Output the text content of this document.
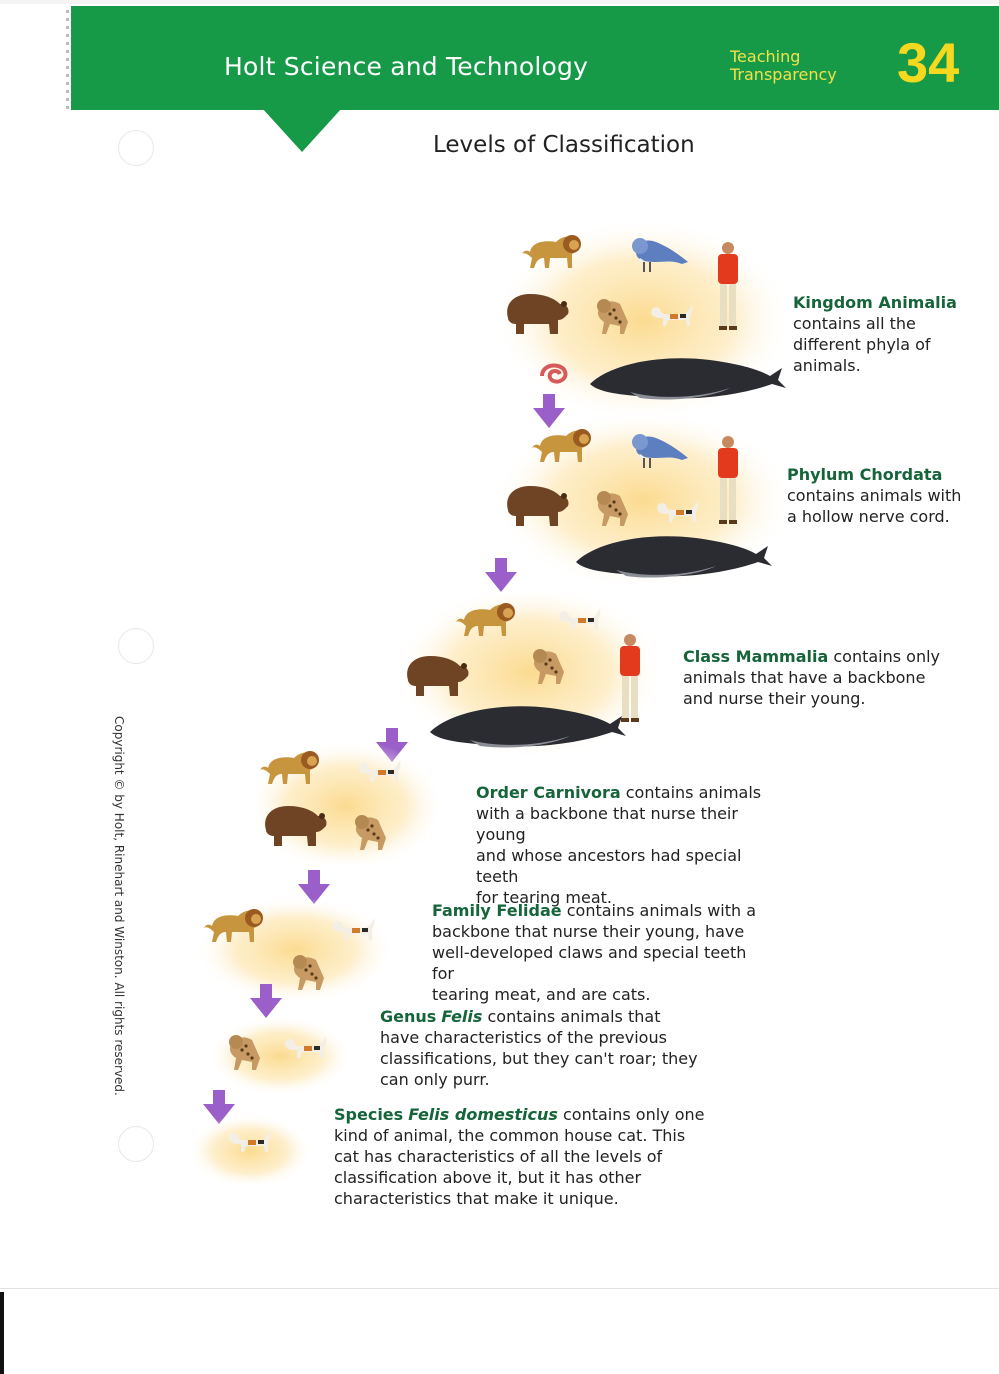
Holt Science and Technology	Teaching
Transparency 34
Levels of Classification
Copyright © by Holt, Rinehart and Winston. All rights reserved.
Kingdom Animalia
contains all the
different phyla of
animals.
Phylum Chordata
contains animals with
a hollow nerve cord.
Class Mammalia contains only
animals that have a backbone
and nurse their young.
Order Carnivora contains animals
with a backbone that nurse their young
and whose ancestors had special teeth
for tearing meat.
Family Felidae contains animals with a
backbone that nurse their young, have
well-developed claws and special teeth for
tearing meat, and are cats.
Genus Felis contains animals that
have characteristics of the previous
classifications, but they can't roar; they
can only purr.
Species Felis domesticus contains only one
kind of animal, the common house cat. This
cat has characteristics of all the levels of
classification above it, but it has other
characteristics that make it unique.
